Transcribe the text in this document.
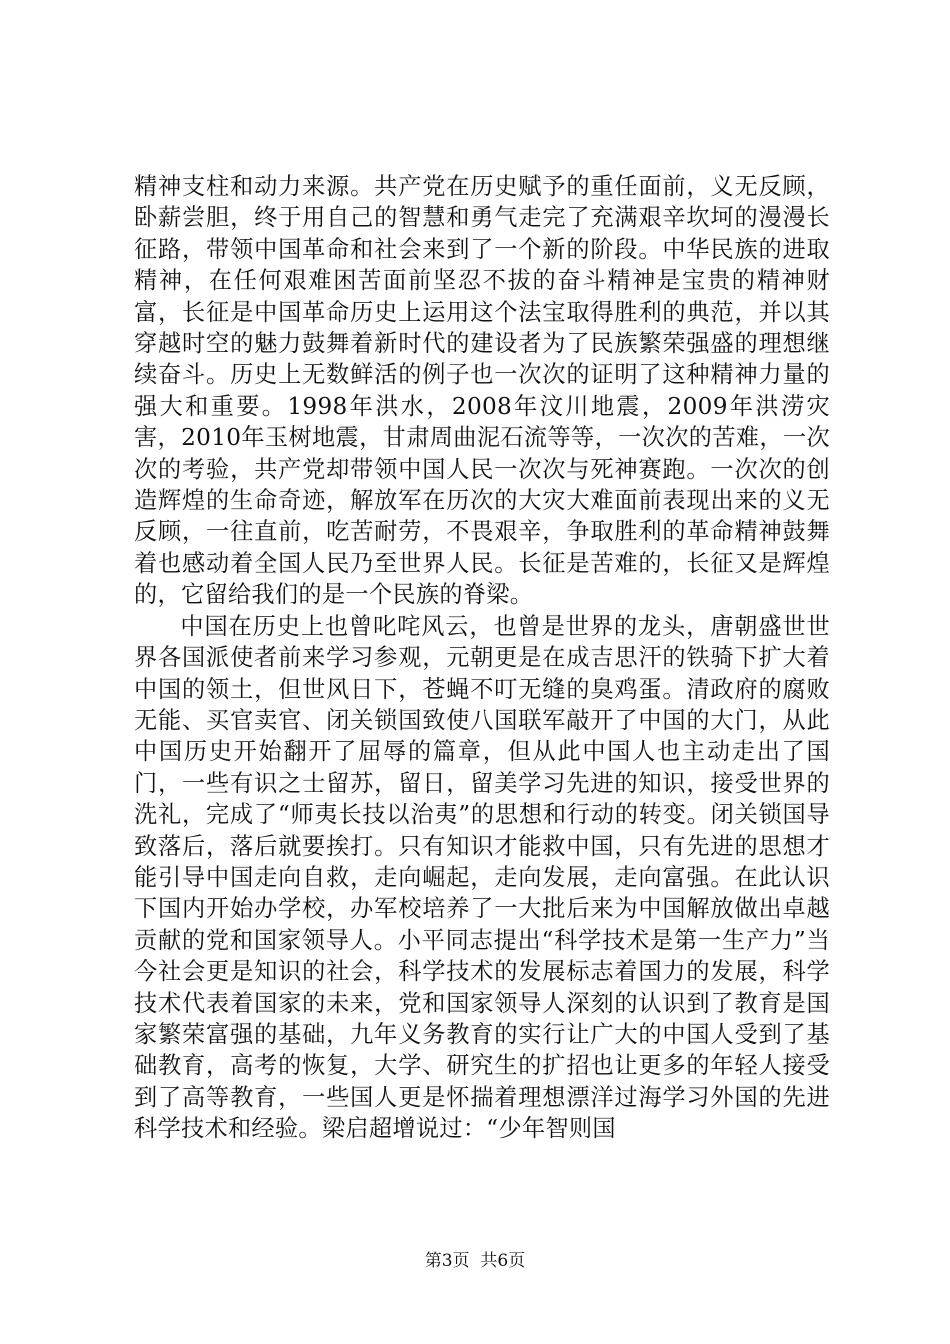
精神支柱和动力来源。共产党在历史赋予的重任面前，义无反顾，卧薪尝胆，终于用自己的智慧和勇气走完了充满艰辛坎坷的漫漫长征路，带领中国革命和社会来到了一个新的阶段。中华民族的进取精神，在任何艰难困苦面前坚忍不拔的奋斗精神是宝贵的精神财富，长征是中国革命历史上运用这个法宝取得胜利的典范，并以其穿越时空的魅力鼓舞着新时代的建设者为了民族繁荣强盛的理想继续奋斗。历史上无数鲜活的例子也一次次的证明了这种精神力量的强大和重要。1998年洪水，2008年汶川地震，2009年洪涝灾害，2010年玉树地震，甘肃周曲泥石流等等，一次次的苦难，一次次的考验，共产党却带领中国人民一次次与死神赛跑。一次次的创造辉煌的生命奇迹，解放军在历次的大灾大难面前表现出来的义无反顾，一往直前，吃苦耐劳，不畏艰辛，争取胜利的革命精神鼓舞着也感动着全国人民乃至世界人民。长征是苦难的，长征又是辉煌的，它留给我们的是一个民族的脊梁。

中国在历史上也曾叱咤风云，也曾是世界的龙头，唐朝盛世世界各国派使者前来学习参观，元朝更是在成吉思汗的铁骑下扩大着中国的领土，但世风日下，苍蝇不叮无缝的臭鸡蛋。清政府的腐败无能、买官卖官、闭关锁国致使八国联军敲开了中国的大门，从此中国历史开始翻开了屈辱的篇章，但从此中国人也主动走出了国门，一些有识之士留苏，留日，留美学习先进的知识，接受世界的洗礼，完成了“师夷长技以治夷”的思想和行动的转变。闭关锁国导致落后，落后就要挨打。只有知识才能救中国，只有先进的思想才能引导中国走向自救，走向崛起，走向发展，走向富强。在此认识下国内开始办学校，办军校培养了一大批后来为中国解放做出卓越贡献的党和国家领导人。小平同志提出“科学技术是第一生产力”当今社会更是知识的社会，科学技术的发展标志着国力的发展，科学技术代表着国家的未来，党和国家领导人深刻的认识到了教育是国家繁荣富强的基础，九年义务教育的实行让广大的中国人受到了基础教育，高考的恢复，大学、研究生的扩招也让更多的年轻人接受到了高等教育，一些国人更是怀揣着理想漂洋过海学习外国的先进科学技术和经验。梁启超增说过：“少年智则国

第3页 共6页
